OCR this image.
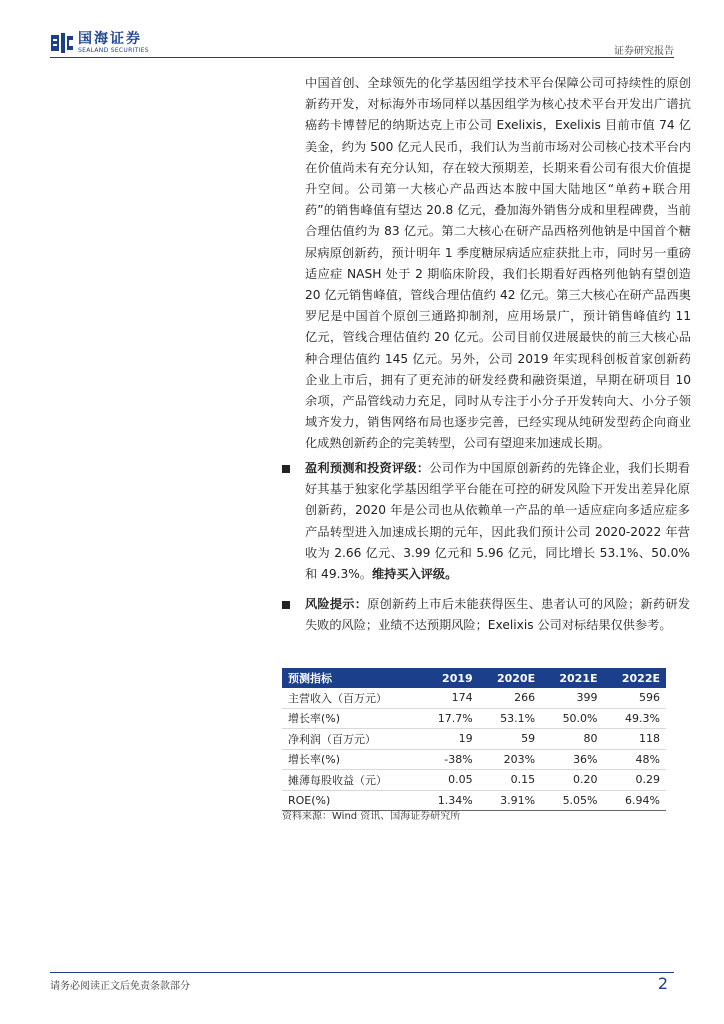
国海证券
SEALAND SECURITIES	证券研究报告
中国首创、全球领先的化学基因组学技术平台保障公司可持续性的原创新药开发，对标海外市场同样以基因组学为核心技术平台开发出广谱抗癌药卡博替尼的纳斯达克上市公司 Exelixis，Exelixis 目前市值 74 亿美金，约为 500 亿元人民币，我们认为当前市场对公司核心技术平台内在价值尚未有充分认知，存在较大预期差，长期来看公司有很大价值提升空间。公司第一大核心产品西达本胺中国大陆地区“单药+联合用药”的销售峰值有望达 20.8 亿元，叠加海外销售分成和里程碑费，当前合理估值约为 83 亿元。第二大核心在研产品西格列他钠是中国首个糖尿病原创新药，预计明年 1 季度糖尿病适应症获批上市，同时另一重磅适应症 NASH 处于 2 期临床阶段，我们长期看好西格列他钠有望创造 20 亿元销售峰值，管线合理估值约 42 亿元。第三大核心在研产品西奥罗尼是中国首个原创三通路抑制剂，应用场景广，预计销售峰值约 11 亿元，管线合理估值约 20 亿元。公司目前仅进展最快的前三大核心品种合理估值约 145 亿元。另外，公司 2019 年实现科创板首家创新药企业上市后，拥有了更充沛的研发经费和融资渠道，早期在研项目 10 余项，产品管线动力充足，同时从专注于小分子开发转向大、小分子领域齐发力，销售网络布局也逐步完善，已经实现从纯研发型药企向商业化成熟创新药企的完美转型，公司有望迎来加速成长期。
盈利预测和投资评级：公司作为中国原创新药的先锋企业，我们长期看好其基于独家化学基因组学平台能在可控的研发风险下开发出差异化原创新药，2020 年是公司也从依赖单一产品的单一适应症向多适应症多产品转型进入加速成长期的元年，因此我们预计公司 2020-2022 年营收为 2.66 亿元、3.99 亿元和 5.96 亿元，同比增长 53.1%、50.0%和 49.3%。维持买入评级。
风险提示：原创新药上市后未能获得医生、患者认可的风险；新药研发失败的风险；业绩不达预期风险；Exelixis 公司对标结果仅供参考。
预测指标	2019	2020E	2021E	2022E
主营收入（百万元）	174	266	399	596
增长率(%)	17.7%	53.1%	50.0%	49.3%
净利润（百万元）	19	59	80	118
增长率(%)	-38%	203%	36%	48%
摊薄每股收益（元）	0.05	0.15	0.20	0.29
ROE(%)	1.34%	3.91%	5.05%	6.94%
资料来源：Wind 资讯、国海证券研究所
请务必阅读正文后免责条款部分	2
